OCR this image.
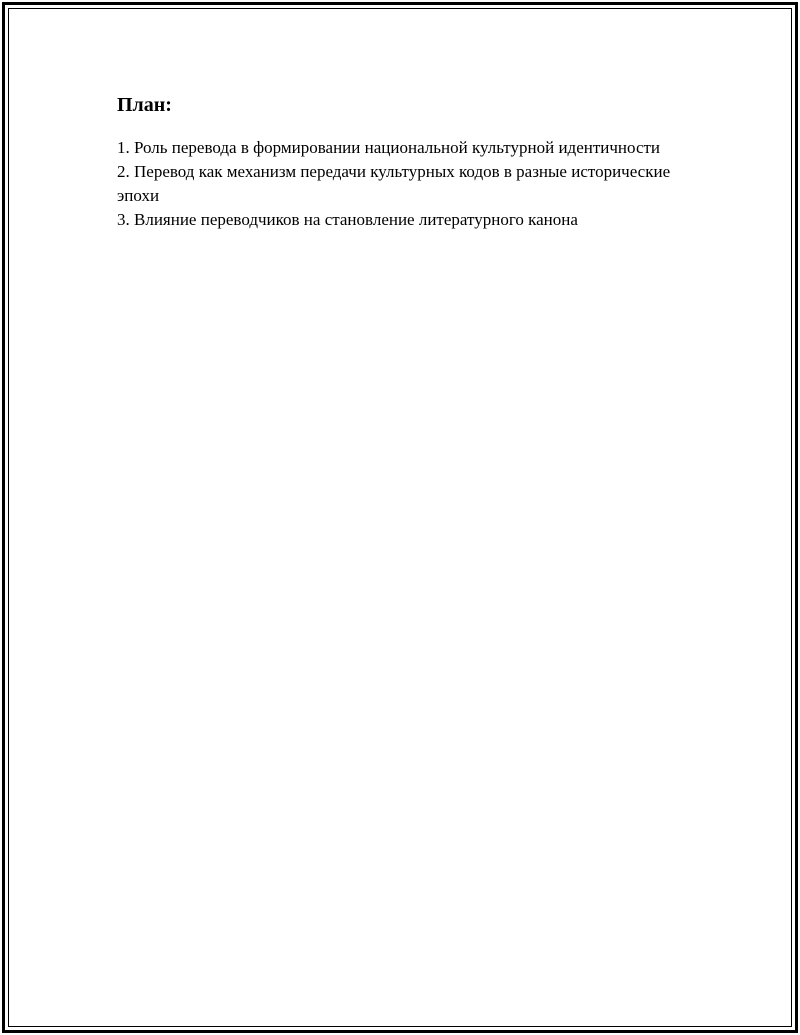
План:
1. Роль перевода в формировании национальной культурной идентичности
2. Перевод как механизм передачи культурных кодов в разные исторические эпохи
3. Влияние переводчиков на становление литературного канона
